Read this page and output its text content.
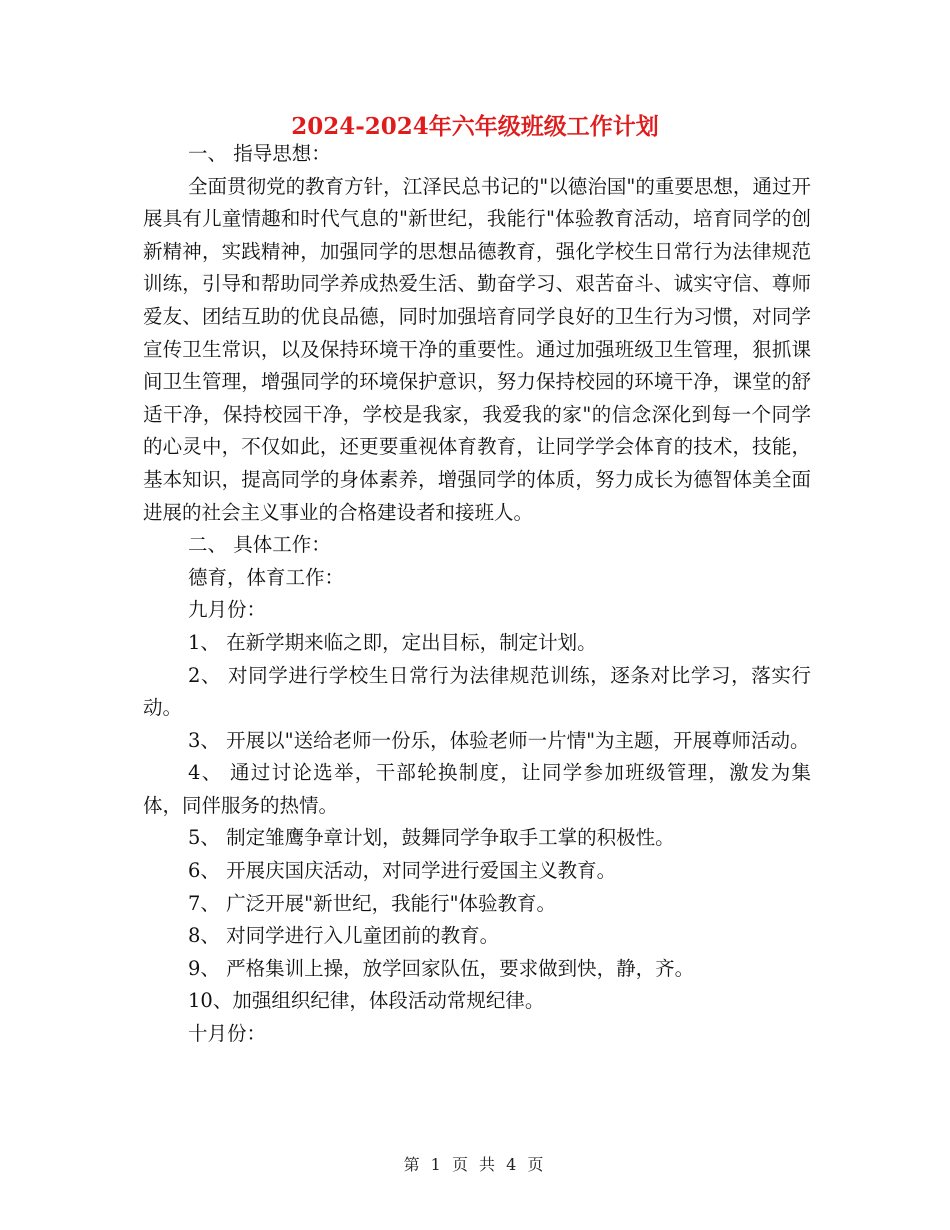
2024-2024年六年级班级工作计划

一、 指导思想：

全面贯彻党的教育方针，江泽民总书记的"以德治国"的重要思想，通过开展具有儿童情趣和时代气息的"新世纪，我能行"体验教育活动，培育同学的创新精神，实践精神，加强同学的思想品德教育，强化学校生日常行为法律规范训练，引导和帮助同学养成热爱生活、勤奋学习、艰苦奋斗、诚实守信、尊师爱友、团结互助的优良品德，同时加强培育同学良好的卫生行为习惯，对同学宣传卫生常识，以及保持环境干净的重要性。通过加强班级卫生管理，狠抓课间卫生管理，增强同学的环境保护意识，努力保持校园的环境干净，课堂的舒适干净，保持校园干净，学校是我家，我爱我的家"的信念深化到每一个同学的心灵中，不仅如此，还更要重视体育教育，让同学学会体育的技术，技能，基本知识，提高同学的身体素养，增强同学的体质，努力成长为德智体美全面进展的社会主义事业的合格建设者和接班人。

二、 具体工作：

德育，体育工作：

九月份：

1、 在新学期来临之即，定出目标，制定计划。

2、 对同学进行学校生日常行为法律规范训练，逐条对比学习，落实行动。

3、 开展以"送给老师一份乐，体验老师一片情"为主题，开展尊师活动。

4、 通过讨论选举，干部轮换制度，让同学参加班级管理，激发为集体，同伴服务的热情。

5、 制定雏鹰争章计划，鼓舞同学争取手工掌的积极性。

6、 开展庆国庆活动，对同学进行爱国主义教育。

7、 广泛开展"新世纪，我能行"体验教育。

8、 对同学进行入儿童团前的教育。

9、 严格集训上操，放学回家队伍，要求做到快，静，齐。

10、加强组织纪律，体段活动常规纪律。

十月份：

第 1 页 共 4 页
